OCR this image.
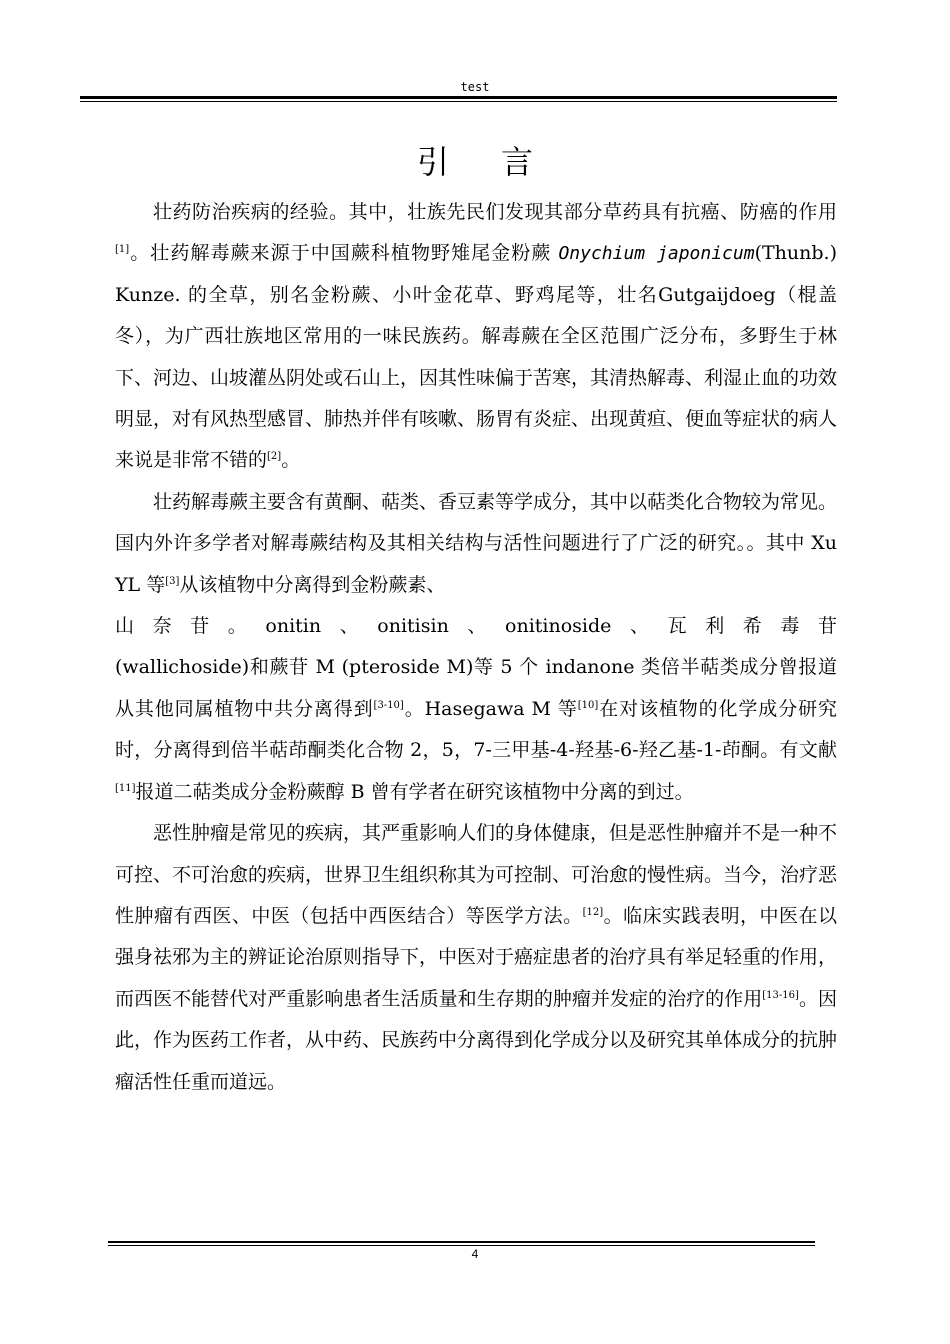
test
引言

壮药防治疾病的经验。其中，壮族先民们发现其部分草药具有抗癌、防癌的作用[1]。壮药解毒蕨来源于中国蕨科植物野雉尾金粉蕨 Onychium japonicum(Thunb.) Kunze. 的全草，别名金粉蕨、小叶金花草、野鸡尾等，壮名Gutgaijdoeg（棍盖冬），为广西壮族地区常用的一味民族药。解毒蕨在全区范围广泛分布，多野生于林下、河边、山坡灌丛阴处或石山上，因其性味偏于苦寒，其清热解毒、利湿止血的功效明显，对有风热型感冒、肺热并伴有咳嗽、肠胃有炎症、出现黄疸、便血等症状的病人来说是非常不错的[2]。

壮药解毒蕨主要含有黄酮、萜类、香豆素等学成分，其中以萜类化合物较为常见。国内外许多学者对解毒蕨结构及其相关结构与活性问题进行了广泛的研究。。其中 Xu YL 等[3]从该植物中分离得到金粉蕨素、

山奈苷。onitin、onitisin、onitinoside、瓦利希毒苷

(wallichoside)和蕨苷 M (pteroside M)等 5 个 indanone 类倍半萜类成分曾报道从其他同属植物中共分离得到[3-10]。Hasegawa M 等[10]在对该植物的化学成分研究时，分离得到倍半萜茚酮类化合物 2，5，7-三甲基-4-羟基-6-羟乙基-1-茚酮。有文献[11]报道二萜类成分金粉蕨醇 B 曾有学者在研究该植物中分离的到过。

恶性肿瘤是常见的疾病，其严重影响人们的身体健康，但是恶性肿瘤并不是一种不可控、不可治愈的疾病，世界卫生组织称其为可控制、可治愈的慢性病。当今，治疗恶性肿瘤有西医、中医（包括中西医结合）等医学方法。[12]。临床实践表明，中医在以强身祛邪为主的辨证论治原则指导下，中医对于癌症患者的治疗具有举足轻重的作用，而西医不能替代对严重影响患者生活质量和生存期的肿瘤并发症的治疗的作用[13-16]。因此，作为医药工作者，从中药、民族药中分离得到化学成分以及研究其单体成分的抗肿瘤活性任重而道远。

4
